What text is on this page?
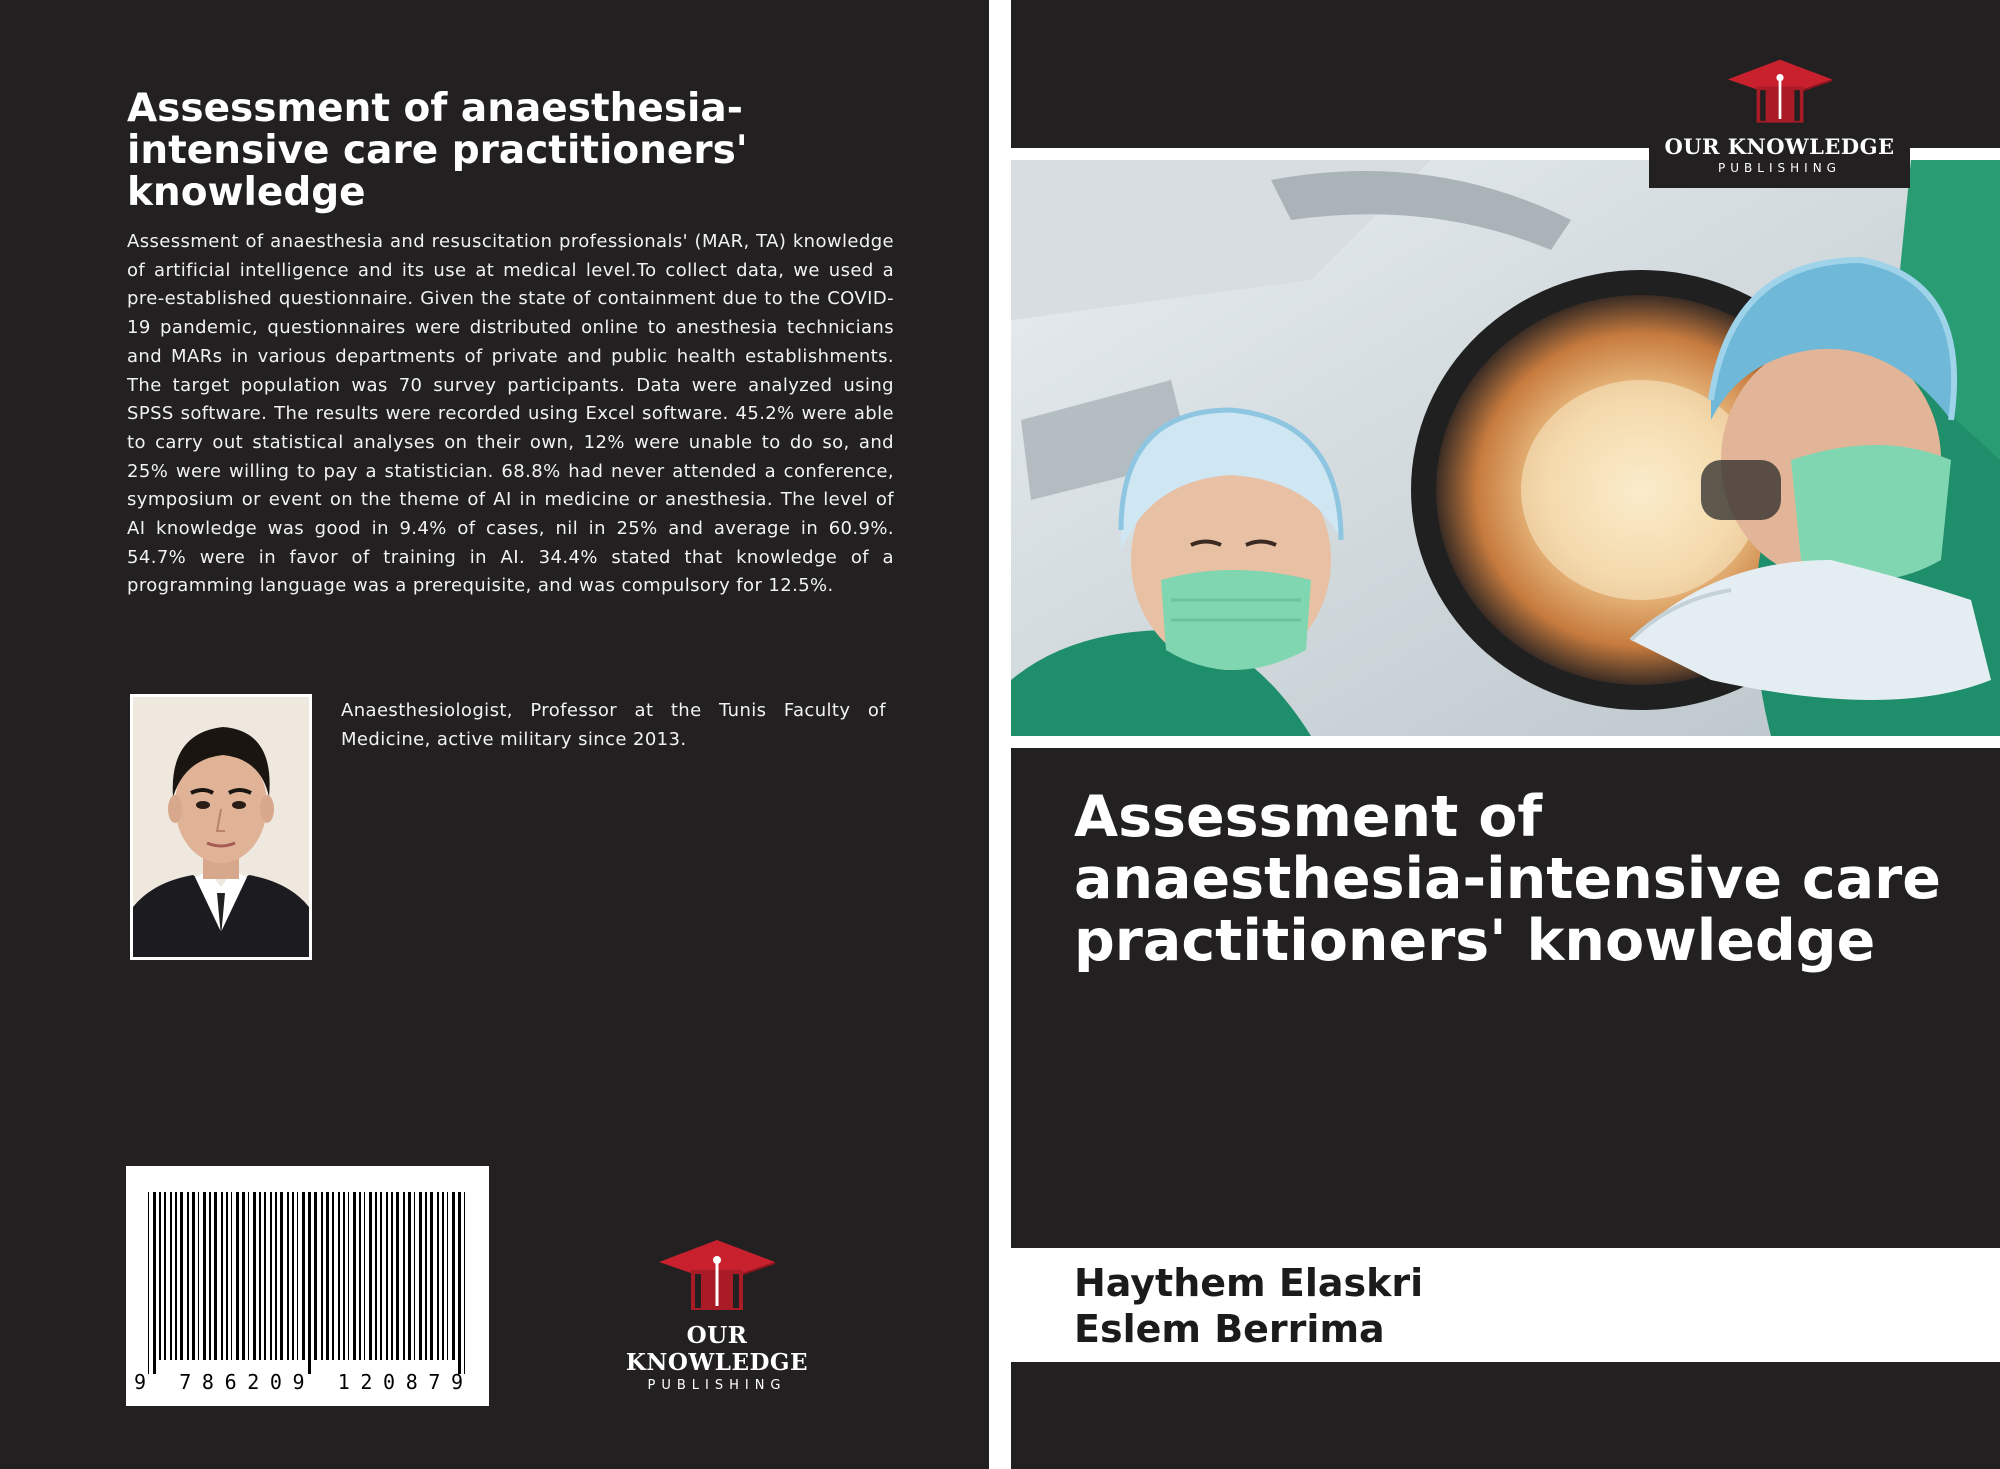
Assessment of anaesthesia-intensive care practitioners' knowledge

Assessment of anaesthesia and resuscitation professionals' (MAR, TA) knowledge of artificial intelligence and its use at medical level.To collect data, we used a pre-established questionnaire. Given the state of containment due to the COVID-19 pandemic, questionnaires were distributed online to anesthesia technicians and MARs in various departments of private and public health establishments. The target population was 70 survey participants. Data were analyzed using SPSS software. The results were recorded using Excel software. 45.2% were able to carry out statistical analyses on their own, 12% were unable to do so, and 25% were willing to pay a statistician. 68.8% had never attended a conference, symposium or event on the theme of AI in medicine or anesthesia. The level of AI knowledge was good in 9.4% of cases, nil in 25% and average in 60.9%. 54.7% were in favor of training in AI. 34.4% stated that knowledge of a programming language was a prerequisite, and was compulsory for 12.5%.

Anaesthesiologist, Professor at the Tunis Faculty of Medicine, active military since 2013.

9 786209 120879
OUR KNOWLEDGE
PUBLISHING
OUR KNOWLEDGE
PUBLISHING
Assessment of anaesthesia-intensive care practitioners' knowledge
Haythem Elaskri
Eslem Berrima
